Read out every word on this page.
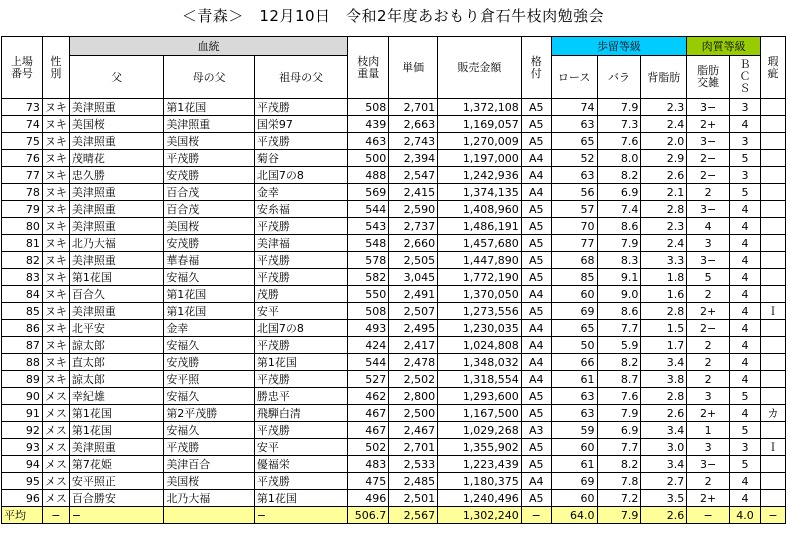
＜青森＞　12月10日　令和2年度あおもり倉石牛枝肉勉強会
上場番号	性別	血統			枝肉重量	単価	販売金額	格付	歩留等級			肉質等級		瑕疵
		父	母の父	祖母の父					ロース	バラ	背脂肪	脂肪交雑	ＢＣＳ	
73	ヌキ	美津照重	第1花国	平茂勝	508	2,701	1,372,108	A5	74	7.9	2.3	3−	3	
74	ヌキ	美国桜	美津照重	国栄97	439	2,663	1,169,057	A5	63	7.3	2.4	2+	4	
75	ヌキ	美津照重	美国桜	平茂勝	463	2,743	1,270,009	A5	65	7.6	2.0	3−	3	
76	ヌキ	茂晴花	平茂勝	菊谷	500	2,394	1,197,000	A4	52	8.0	2.9	2−	5	
77	ヌキ	忠久勝	安茂勝	北国7の8	488	2,547	1,242,936	A4	63	8.2	2.6	2−	3	
78	ヌキ	美津照重	百合茂	金幸	569	2,415	1,374,135	A4	56	6.9	2.1	2	5	
79	ヌキ	美津照重	百合茂	安糸福	544	2,590	1,408,960	A5	57	7.4	2.8	3−	4	
80	ヌキ	美津照重	美国桜	平茂勝	543	2,737	1,486,191	A5	70	8.6	2.3	4	4	
81	ヌキ	北乃大福	安茂勝	美津福	548	2,660	1,457,680	A5	77	7.9	2.4	3	4	
82	ヌキ	美津照重	華春福	平茂勝	578	2,505	1,447,890	A5	68	8.3	3.3	3−	4	
83	ヌキ	第1花国	安福久	平茂勝	582	3,045	1,772,190	A5	85	9.1	1.8	5	4	
84	ヌキ	百合久	第1花国	茂勝	550	2,491	1,370,050	A4	60	9.0	1.6	2	4	
85	ヌキ	美津照重	第1花国	安平	508	2,507	1,273,556	A5	69	8.6	2.8	2+	4	Ｉ
86	ヌキ	北平安	金幸	北国7の8	493	2,495	1,230,035	A4	65	7.7	1.5	2−	4	
87	ヌキ	諒太郎	安福久	平茂勝	424	2,417	1,024,808	A4	50	5.9	1.7	2	4	
88	ヌキ	直太郎	安茂勝	第1花国	544	2,478	1,348,032	A4	66	8.2	3.4	2	4	
89	ヌキ	諒太郎	安平照	平茂勝	527	2,502	1,318,554	A4	61	8.7	3.8	2	4	
90	メス	幸紀雄	安福久	勝忠平	462	2,800	1,293,600	A5	63	7.6	2.8	3	5	
91	メス	第1花国	第2平茂勝	飛騨白清	467	2,500	1,167,500	A5	63	7.9	2.6	2+	4	カ
92	メス	第1花国	安福久	平茂勝	467	2,467	1,029,268	A3	59	6.9	3.4	1	5	
93	メス	美津照重	平茂勝	安平	502	2,701	1,355,902	A5	60	7.7	3.0	3	3	Ｉ
94	メス	第7花姫	美津百合	優福栄	483	2,533	1,223,439	A5	61	8.2	3.4	3−	5	
95	メス	安平照正	美国桜	平茂勝	475	2,485	1,180,375	A4	69	7.8	2.7	2	4	
96	メス	百合勝安	北乃大福	第1花国	496	2,501	1,240,496	A5	60	7.2	3.5	2+	4	
平均	−	−		−	506.7	2,567	1,302,240	−	64.0	7.9	2.6	−	4.0	−
